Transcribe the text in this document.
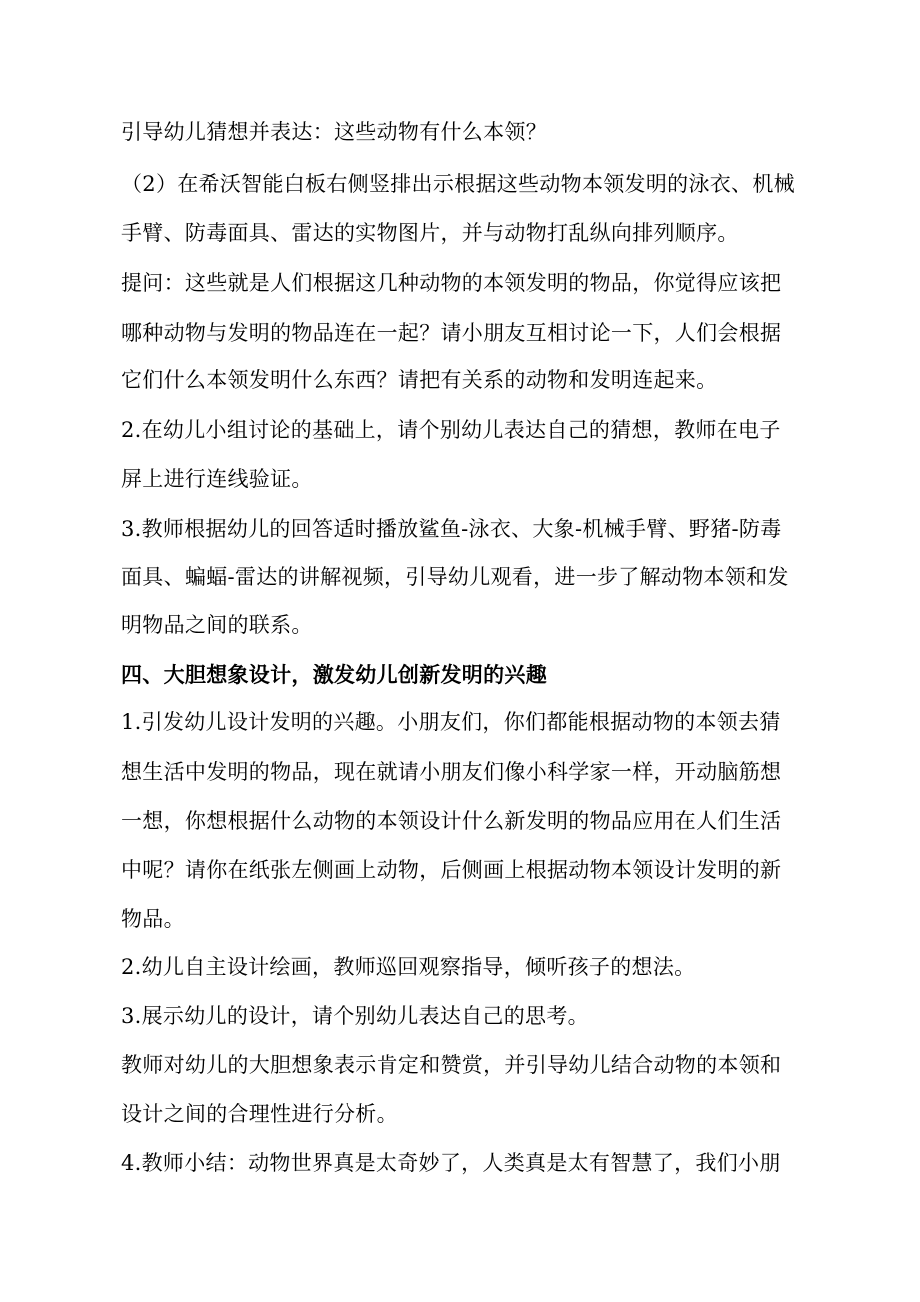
引导幼儿猜想并表达：这些动物有什么本领？

（2）在希沃智能白板右侧竖排出示根据这些动物本领发明的泳衣、机械

手臂、防毒面具、雷达的实物图片，并与动物打乱纵向排列顺序。

提问：这些就是人们根据这几种动物的本领发明的物品，你觉得应该把

哪种动物与发明的物品连在一起？请小朋友互相讨论一下，人们会根据

它们什么本领发明什么东西？请把有关系的动物和发明连起来。

2.在幼儿小组讨论的基础上，请个别幼儿表达自己的猜想，教师在电子

屏上进行连线验证。

3.教师根据幼儿的回答适时播放鲨鱼-泳衣、大象-机械手臂、野猪-防毒

面具、蝙蝠-雷达的讲解视频，引导幼儿观看，进一步了解动物本领和发

明物品之间的联系。

四、大胆想象设计，激发幼儿创新发明的兴趣

1.引发幼儿设计发明的兴趣。小朋友们，你们都能根据动物的本领去猜

想生活中发明的物品，现在就请小朋友们像小科学家一样，开动脑筋想

一想，你想根据什么动物的本领设计什么新发明的物品应用在人们生活

中呢？请你在纸张左侧画上动物，后侧画上根据动物本领设计发明的新

物品。

2.幼儿自主设计绘画，教师巡回观察指导，倾听孩子的想法。

3.展示幼儿的设计，请个别幼儿表达自己的思考。

教师对幼儿的大胆想象表示肯定和赞赏，并引导幼儿结合动物的本领和

设计之间的合理性进行分析。

4.教师小结：动物世界真是太奇妙了，人类真是太有智慧了，我们小朋
